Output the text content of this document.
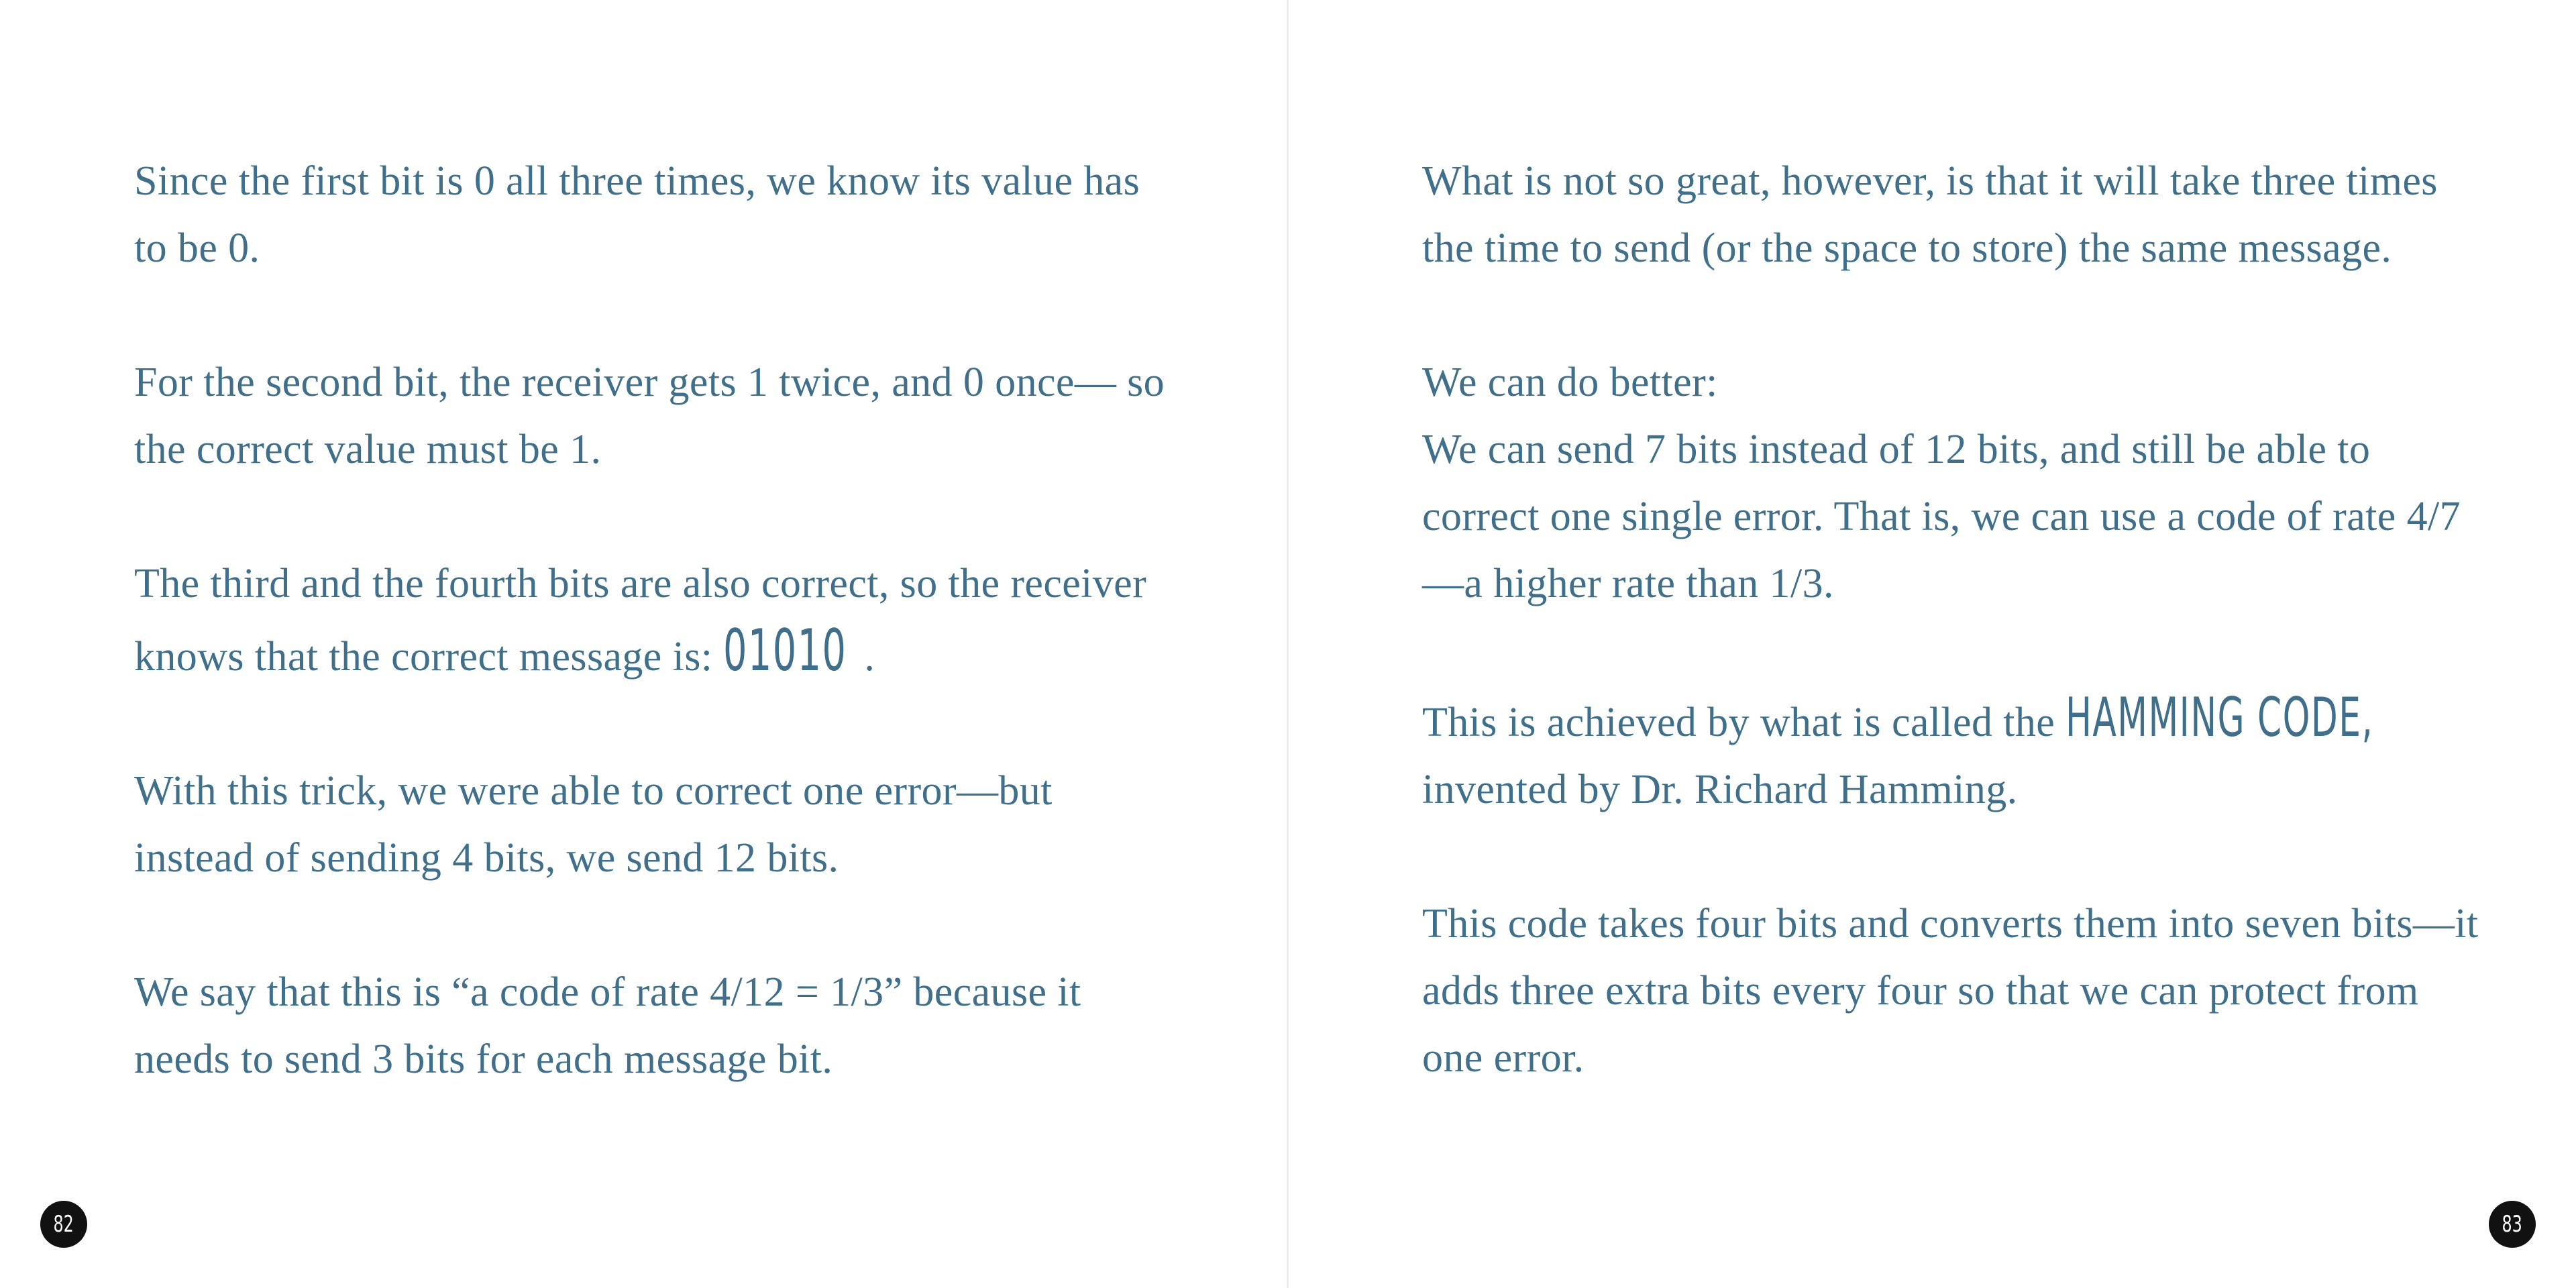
Since the first bit is 0 all three times, we know its value has to be 0.

For the second bit, the receiver gets 1 twice, and 0 once— so the correct value must be 1.

The third and the fourth bits are also correct, so the receiver knows that the correct message is: 01010 .

With this trick, we were able to correct one error—but instead of sending 4 bits, we send 12 bits.

We say that this is “a code of rate 4/12 = 1/3” because it needs to send 3 bits for each message bit.

82

What is not so great, however, is that it will take three times the time to send (or the space to store) the same message.

We can do better:

We can send 7 bits instead of 12 bits, and still be able to correct one single error. That is, we can use a code of rate 4/7—a higher rate than 1/3.

This is achieved by what is called the HAMMING CODE, invented by Dr. Richard Hamming.

This code takes four bits and converts them into seven bits—it adds three extra bits every four so that we can protect from one error.

83
